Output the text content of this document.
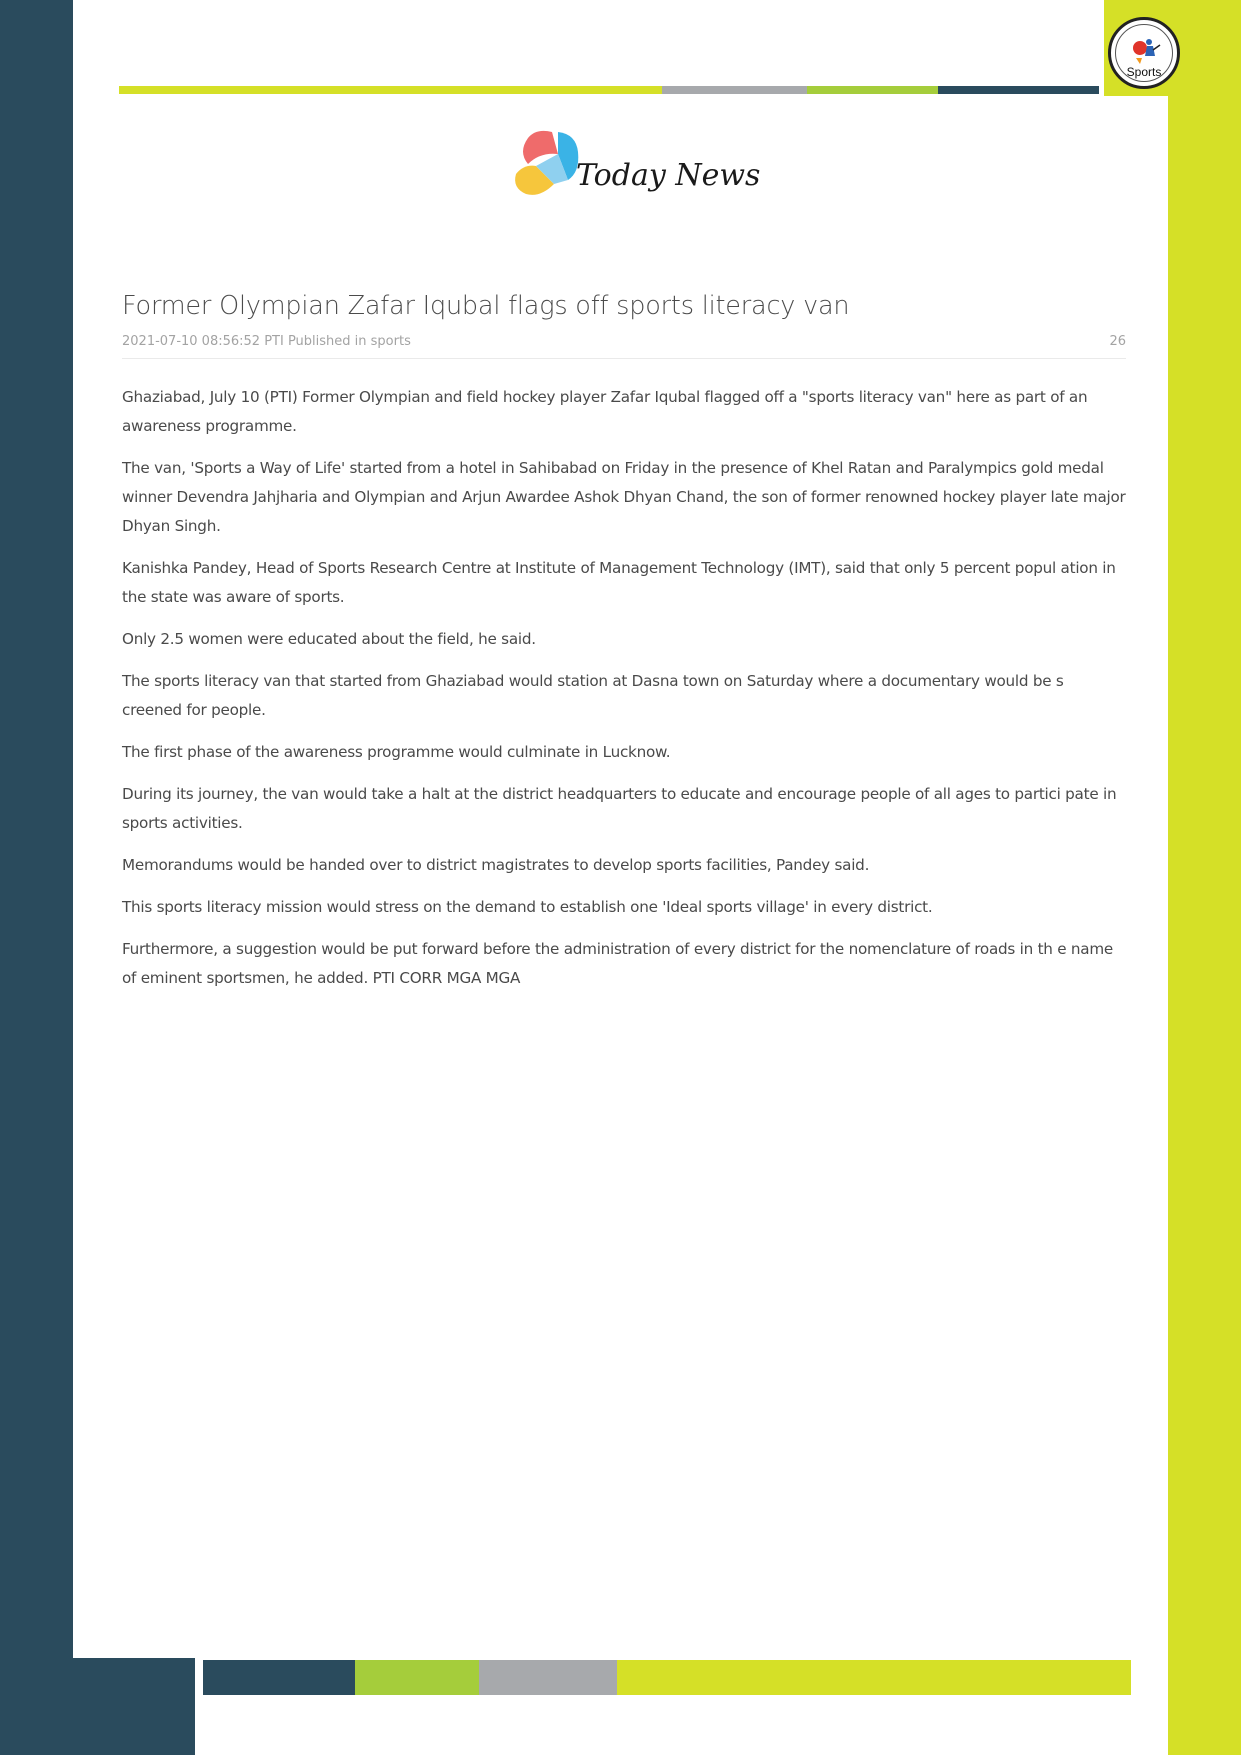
Sports
Today News
Former Olympian Zafar Iqubal flags off sports literacy van
2021-07-10 08:56:52 PTI Published in sports	26

Ghaziabad, July 10 (PTI) Former Olympian and field hockey player Zafar Iqubal flagged off a "sports literacy van" here as part of an awareness programme.

The van, 'Sports a Way of Life' started from a hotel in Sahibabad on Friday in the presence of Khel Ratan and Paralympics gold medal winner Devendra Jahjharia and Olympian and Arjun Awardee Ashok Dhyan Chand, the son of former renowned hockey player late major Dhyan Singh.

Kanishka Pandey, Head of Sports Research Centre at Institute of Management Technology (IMT), said that only 5 percent popul ation in the state was aware of sports.

Only 2.5 women were educated about the field, he said.

The sports literacy van that started from Ghaziabad would station at Dasna town on Saturday where a documentary would be s creened for people.

The first phase of the awareness programme would culminate in Lucknow.

During its journey, the van would take a halt at the district headquarters to educate and encourage people of all ages to partici pate in sports activities.

Memorandums would be handed over to district magistrates to develop sports facilities, Pandey said.

This sports literacy mission would stress on the demand to establish one 'Ideal sports village' in every district.

Furthermore, a suggestion would be put forward before the administration of every district for the nomenclature of roads in th e name of eminent sportsmen, he added. PTI CORR MGA MGA
